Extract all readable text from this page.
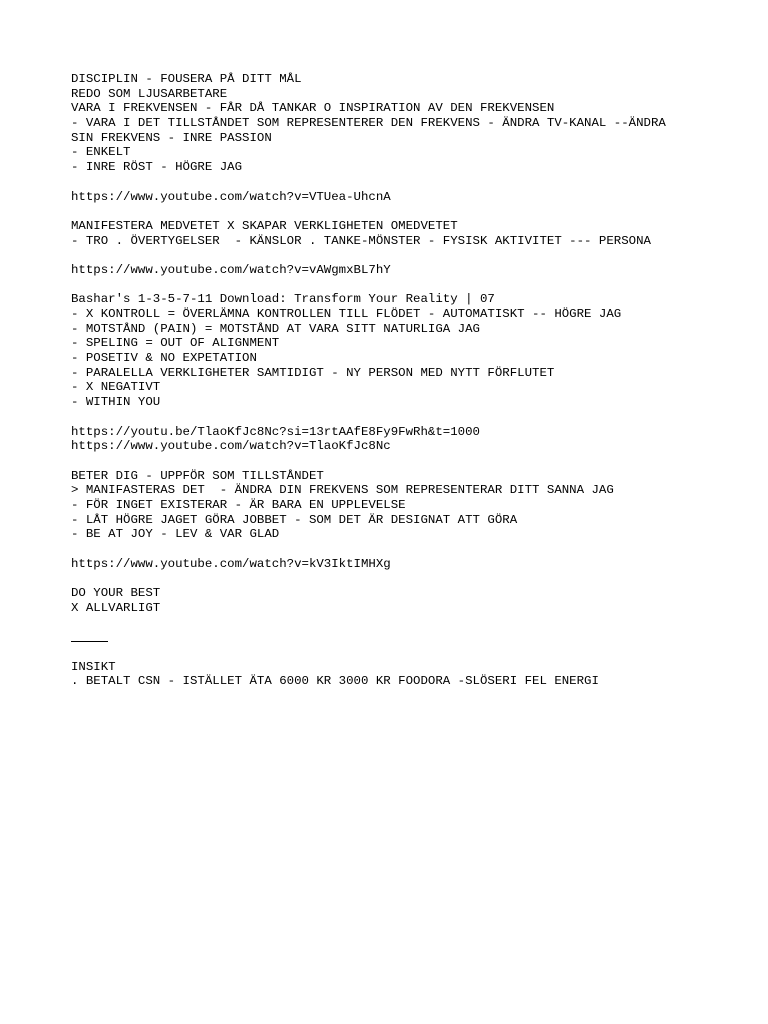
DISCIPLIN - FOUSERA PÅ DITT MÅL
REDO SOM LJUSARBETARE
VARA I FREKVENSEN - FÅR DÅ TANKAR O INSPIRATION AV DEN FREKVENSEN
- VARA I DET TILLSTÅNDET SOM REPRESENTERER DEN FREKVENS - ÄNDRA TV-KANAL --ÄNDRA
SIN FREKVENS - INRE PASSION
- ENKELT
- INRE RÖST - HÖGRE JAG
https://www.youtube.com/watch?v=VTUea-UhcnA
MANIFESTERA MEDVETET X SKAPAR VERKLIGHETEN OMEDVETET
- TRO . ÖVERTYGELSER  - KÄNSLOR . TANKE-MÖNSTER - FYSISK AKTIVITET --- PERSONA
https://www.youtube.com/watch?v=vAWgmxBL7hY
Bashar's 1-3-5-7-11 Download: Transform Your Reality | 07
- X KONTROLL = ÖVERLÄMNA KONTROLLEN TILL FLÖDET - AUTOMATISKT -- HÖGRE JAG
- MOTSTÅND (PAIN) = MOTSTÅND AT VARA SITT NATURLIGA JAG
- SPELING = OUT OF ALIGNMENT
- POSETIV & NO EXPETATION
- PARALELLA VERKLIGHETER SAMTIDIGT - NY PERSON MED NYTT FÖRFLUTET
- X NEGATIVT
- WITHIN YOU
https://youtu.be/TlaoKfJc8Nc?si=13rtAAfE8Fy9FwRh&t=1000
https://www.youtube.com/watch?v=TlaoKfJc8Nc
BETER DIG - UPPFÖR SOM TILLSTÅNDET
> MANIFASTERAS DET  - ÄNDRA DIN FREKVENS SOM REPRESENTERAR DITT SANNA JAG
- FÖR INGET EXISTERAR - ÄR BARA EN UPPLEVELSE
- LÅT HÖGRE JAGET GÖRA JOBBET - SOM DET ÄR DESIGNAT ATT GÖRA
- BE AT JOY - LEV & VAR GLAD
https://www.youtube.com/watch?v=kV3IktIMHXg
DO YOUR BEST
X ALLVARLIGT
INSIKT
. BETALT CSN - ISTÄLLET ÄTA 6000 KR 3000 KR FOODORA -SLÖSERI FEL ENERGI
